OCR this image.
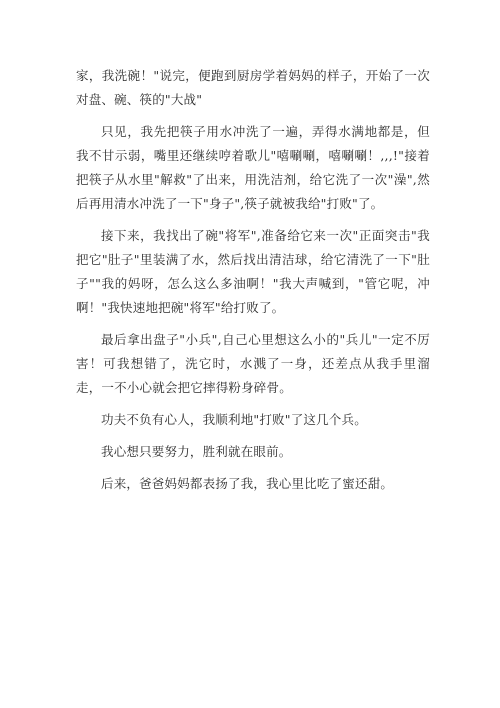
家，我洗碗！"说完，便跑到厨房学着妈妈的样子，开始了一次对盘、碗、筷的"大战"

只见，我先把筷子用水冲洗了一遍，弄得水满地都是，但我不甘示弱，嘴里还继续哼着歌儿"嘻唰唰，嘻唰唰！,,,!"接着把筷子从水里"解救"了出来，用洗洁剂，给它洗了一次"澡",然后再用清水冲洗了一下"身子",筷子就被我给"打败"了。

接下来，我找出了碗"将军",准备给它来一次"正面突击"我把它"肚子"里装满了水，然后找出清洁球，给它清洗了一下"肚子""我的妈呀，怎么这么多油啊！"我大声喊到，"管它呢，冲啊！"我快速地把碗"将军"给打败了。

最后拿出盘子"小兵",自己心里想这么小的"兵儿"一定不厉害！可我想错了，洗它时，水溅了一身，还差点从我手里溜走，一不小心就会把它摔得粉身碎骨。

功夫不负有心人，我顺利地"打败"了这几个兵。

我心想只要努力，胜利就在眼前。

后来，爸爸妈妈都表扬了我，我心里比吃了蜜还甜。
